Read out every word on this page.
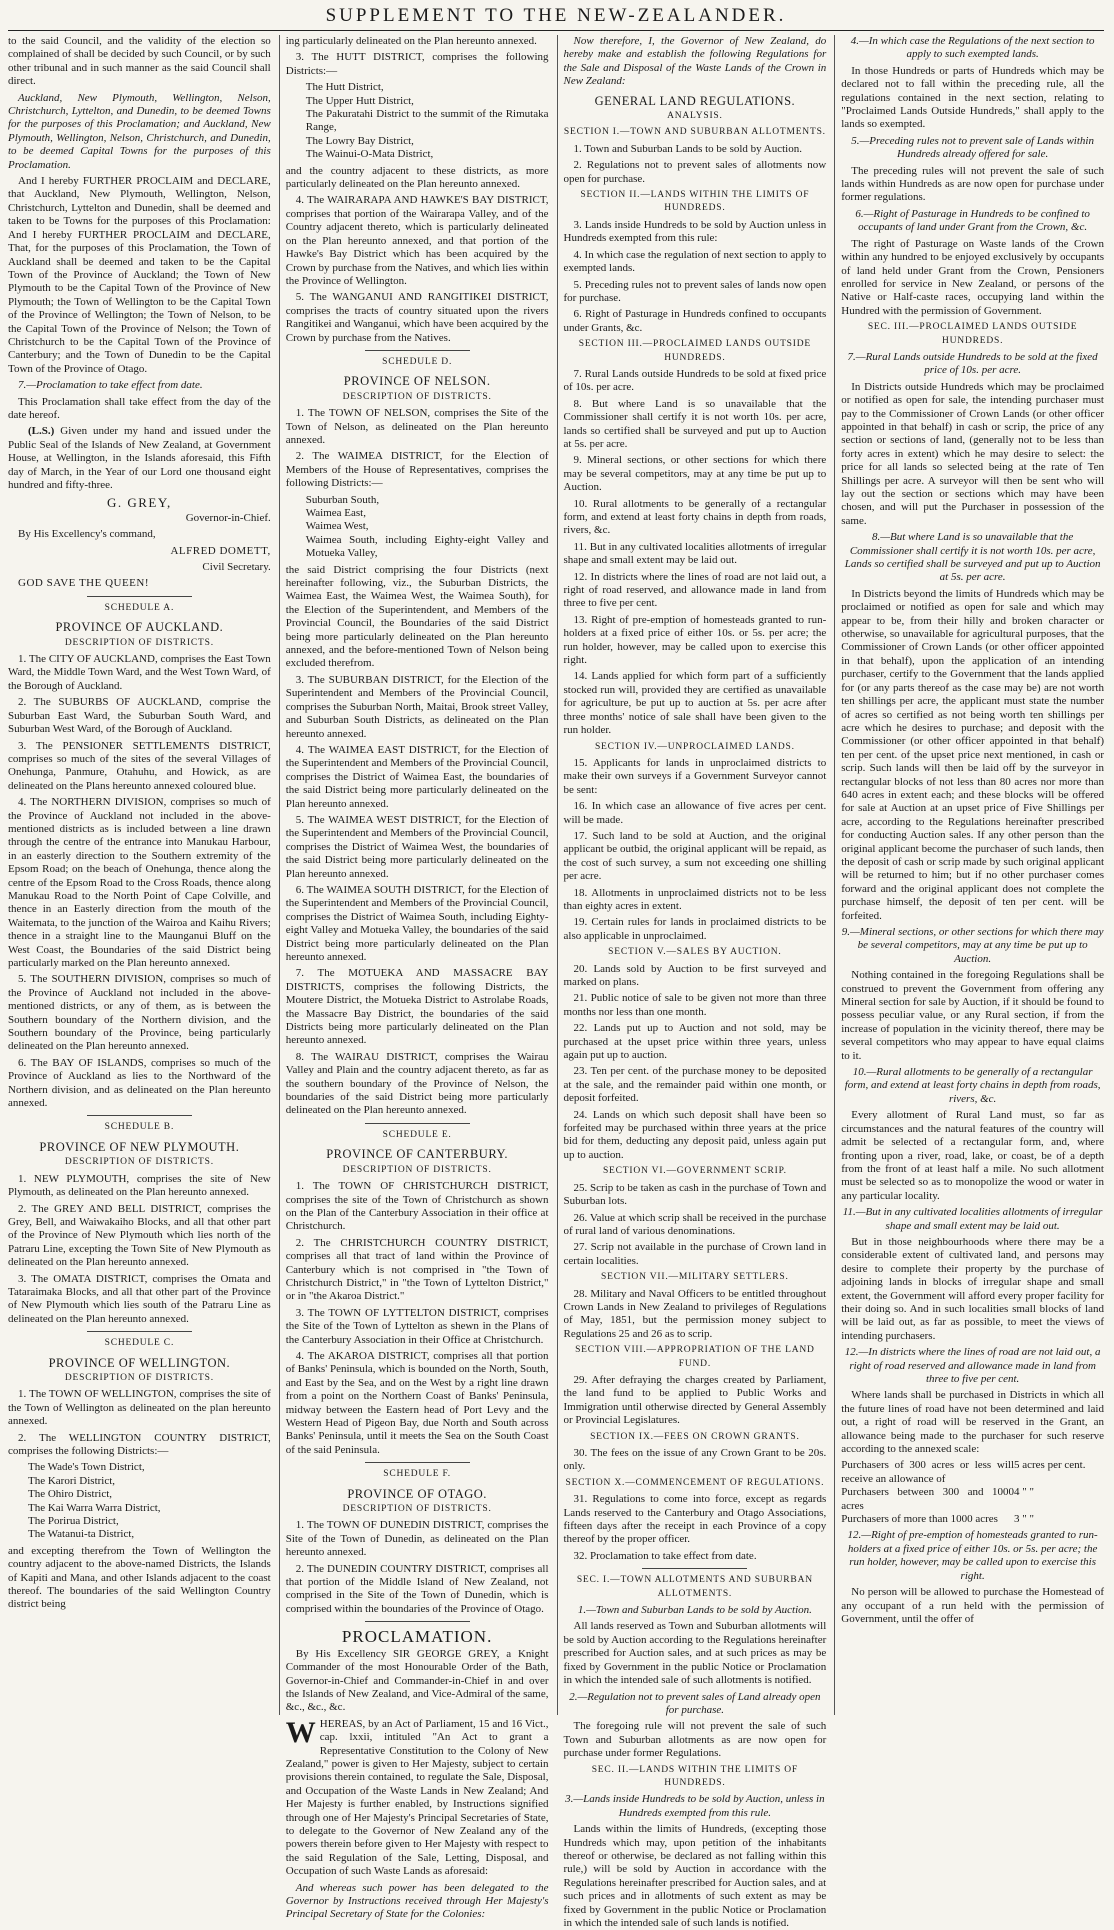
SUPPLEMENT TO THE NEW-ZEALANDER.

to the said Council, and the validity of the election so complained of shall be decided by such Council, or by such other tribunal and in such manner as the said Council shall direct.

Auckland, New Plymouth, Wellington, Nelson, Christchurch, Lyttelton, and Dunedin, to be deemed Towns for the purposes of this Proclamation; and Auckland, New Plymouth, Wellington, Nelson, Christchurch, and Dunedin, to be deemed Capital Towns for the purposes of this Proclamation.

And I hereby FURTHER PROCLAIM and DECLARE, that Auckland, New Plymouth, Wellington, Nelson, Christchurch, Lyttelton and Dunedin, shall be deemed and taken to be Towns for the purposes of this Proclamation: And I hereby FURTHER PROCLAIM and DECLARE, That, for the purposes of this Proclamation, the Town of Auckland shall be deemed and taken to be the Capital Town of the Province of Auckland; the Town of New Plymouth to be the Capital Town of the Province of New Plymouth; the Town of Wellington to be the Capital Town of the Province of Wellington; the Town of Nelson, to be the Capital Town of the Province of Nelson; the Town of Christchurch to be the Capital Town of the Province of Canterbury; and the Town of Dunedin to be the Capital Town of the Province of Otago.

7.—Proclamation to take effect from date.

This Proclamation shall take effect from the day of the date hereof.

(L.S.) Given under my hand and issued under the Public Seal of the Islands of New Zealand, at Government House, at Wellington, in the Islands aforesaid, this Fifth day of March, in the Year of our Lord one thousand eight hundred and fifty-three.

G. GREY,

Governor-in-Chief.

By His Excellency's command,

ALFRED DOMETT,

Civil Secretary.

GOD SAVE THE QUEEN!

SCHEDULE A.
PROVINCE OF AUCKLAND.
DESCRIPTION OF DISTRICTS.

1. The CITY OF AUCKLAND, comprises the East Town Ward, the Middle Town Ward, and the West Town Ward, of the Borough of Auckland.

2. The SUBURBS OF AUCKLAND, comprise the Suburban East Ward, the Suburban South Ward, and Suburban West Ward, of the Borough of Auckland.

3. The PENSIONER SETTLEMENTS DISTRICT, comprises so much of the sites of the several Villages of Onehunga, Panmure, Otahuhu, and Howick, as are delineated on the Plans hereunto annexed coloured blue.

4. The NORTHERN DIVISION, comprises so much of the Province of Auckland not included in the above-mentioned districts as is included between a line drawn through the centre of the entrance into Manukau Harbour, in an easterly direction to the Southern extremity of the Epsom Road; on the beach of Onehunga, thence along the centre of the Epsom Road to the Cross Roads, thence along Manukau Road to the North Point of Cape Colville, and thence in an Easterly direction from the mouth of the Waitemata, to the junction of the Wairoa and Kaihu Rivers; thence in a straight line to the Maunganui Bluff on the West Coast, the Boundaries of the said District being particularly marked on the Plan hereunto annexed.

5. The SOUTHERN DIVISION, comprises so much of the Province of Auckland not included in the above-mentioned districts, or any of them, as is between the Southern boundary of the Northern division, and the Southern boundary of the Province, being particularly delineated on the Plan hereunto annexed.

6. The BAY OF ISLANDS, comprises so much of the Province of Auckland as lies to the Northward of the Northern division, and as delineated on the Plan hereunto annexed.

SCHEDULE B.
PROVINCE OF NEW PLYMOUTH.
DESCRIPTION OF DISTRICTS.

1. NEW PLYMOUTH, comprises the site of New Plymouth, as delineated on the Plan hereunto annexed.

2. The GREY AND BELL DISTRICT, comprises the Grey, Bell, and Waiwakaiho Blocks, and all that other part of the Province of New Plymouth which lies north of the Patraru Line, excepting the Town Site of New Plymouth as delineated on the Plan hereunto annexed.

3. The OMATA DISTRICT, comprises the Omata and Tataraimaka Blocks, and all that other part of the Province of New Plymouth which lies south of the Patraru Line as delineated on the Plan hereunto annexed.

SCHEDULE C.
PROVINCE OF WELLINGTON.
DESCRIPTION OF DISTRICTS.

1. The TOWN OF WELLINGTON, comprises the site of the Town of Wellington as delineated on the plan hereunto annexed.

2. The WELLINGTON COUNTRY DISTRICT, comprises the following Districts:—

The Wade's Town District,
The Karori District,
The Ohiro District,
The Kai Warra Warra District,
The Porirua District,
The Watanui-ta District,

and excepting therefrom the Town of Wellington the country adjacent to the above-named Districts, the Islands of Kapiti and Mana, and other Islands adjacent to the coast thereof. The boundaries of the said Wellington Country district being

ing particularly delineated on the Plan hereunto annexed.

3. The HUTT DISTRICT, comprises the following Districts:—

The Hutt District,
The Upper Hutt District,
The Pakuratahi District to the summit of the Rimutaka Range,
The Lowry Bay District,
The Wainui-O-Mata District,

and the country adjacent to these districts, as more particularly delineated on the Plan hereunto annexed.

4. The WAIRARAPA AND HAWKE'S BAY DISTRICT, comprises that portion of the Wairarapa Valley, and of the Country adjacent thereto, which is particularly delineated on the Plan hereunto annexed, and that portion of the Hawke's Bay District which has been acquired by the Crown by purchase from the Natives, and which lies within the Province of Wellington.

5. The WANGANUI AND RANGITIKEI DISTRICT, comprises the tracts of country situated upon the rivers Rangitikei and Wanganui, which have been acquired by the Crown by purchase from the Natives.

SCHEDULE D.
PROVINCE OF NELSON.
DESCRIPTION OF DISTRICTS.

1. The TOWN OF NELSON, comprises the Site of the Town of Nelson, as delineated on the Plan hereunto annexed.

2. The WAIMEA DISTRICT, for the Election of Members of the House of Representatives, comprises the following Districts:—

Suburban South,
Waimea East,
Waimea West,
Waimea South, including Eighty-eight Valley and Motueka Valley,

the said District comprising the four Districts (next hereinafter following, viz., the Suburban Districts, the Waimea East, the Waimea West, the Waimea South), for the Election of the Superintendent, and Members of the Provincial Council, the Boundaries of the said District being more particularly delineated on the Plan hereunto annexed, and the before-mentioned Town of Nelson being excluded therefrom.

3. The SUBURBAN DISTRICT, for the Election of the Superintendent and Members of the Provincial Council, comprises the Suburban North, Maitai, Brook street Valley, and Suburban South Districts, as delineated on the Plan hereunto annexed.

4. The WAIMEA EAST DISTRICT, for the Election of the Superintendent and Members of the Provincial Council, comprises the District of Waimea East, the boundaries of the said District being more particularly delineated on the Plan hereunto annexed.

5. The WAIMEA WEST DISTRICT, for the Election of the Superintendent and Members of the Provincial Council, comprises the District of Waimea West, the boundaries of the said District being more particularly delineated on the Plan hereunto annexed.

6. The WAIMEA SOUTH DISTRICT, for the Election of the Superintendent and Members of the Provincial Council, comprises the District of Waimea South, including Eighty-eight Valley and Motueka Valley, the boundaries of the said District being more particularly delineated on the Plan hereunto annexed.

7. The MOTUEKA AND MASSACRE BAY DISTRICTS, comprises the following Districts, the Moutere District, the Motueka District to Astrolabe Roads, the Massacre Bay District, the boundaries of the said Districts being more particularly delineated on the Plan hereunto annexed.

8. The WAIRAU DISTRICT, comprises the Wairau Valley and Plain and the country adjacent thereto, as far as the southern boundary of the Province of Nelson, the boundaries of the said District being more particularly delineated on the Plan hereunto annexed.

SCHEDULE E.
PROVINCE OF CANTERBURY.
DESCRIPTION OF DISTRICTS.

1. The TOWN OF CHRISTCHURCH DISTRICT, comprises the site of the Town of Christchurch as shown on the Plan of the Canterbury Association in their office at Christchurch.

2. The CHRISTCHURCH COUNTRY DISTRICT, comprises all that tract of land within the Province of Canterbury which is not comprised in "the Town of Christchurch District," in "the Town of Lyttelton District," or in "the Akaroa District."

3. The TOWN OF LYTTELTON DISTRICT, comprises the Site of the Town of Lyttelton as shewn in the Plans of the Canterbury Association in their Office at Christchurch.

4. The AKAROA DISTRICT, comprises all that portion of Banks' Peninsula, which is bounded on the North, South, and East by the Sea, and on the West by a right line drawn from a point on the Northern Coast of Banks' Peninsula, midway between the Eastern head of Port Levy and the Western Head of Pigeon Bay, due North and South across Banks' Peninsula, until it meets the Sea on the South Coast of the said Peninsula.

SCHEDULE F.
PROVINCE OF OTAGO.
DESCRIPTION OF DISTRICTS.

1. The TOWN OF DUNEDIN DISTRICT, comprises the Site of the Town of Dunedin, as delineated on the Plan hereunto annexed.

2. The DUNEDIN COUNTRY DISTRICT, comprises all that portion of the Middle Island of New Zealand, not comprised in the Site of the Town of Dunedin, which is comprised within the boundaries of the Province of Otago.

PROCLAMATION.

By His Excellency SIR GEORGE GREY, a Knight Commander of the most Honourable Order of the Bath, Governor-in-Chief and Commander-in-Chief in and over the Islands of New Zealand, and Vice-Admiral of the same, &c., &c., &c.

WHEREAS, by an Act of Parliament, 15 and 16 Vict., cap. lxxii, intituled "An Act to grant a Representative Constitution to the Colony of New Zealand," power is given to Her Majesty, subject to certain provisions therein contained, to regulate the Sale, Disposal, and Occupation of the Waste Lands in New Zealand; And Her Majesty is further enabled, by Instructions signified through one of Her Majesty's Principal Secretaries of State, to delegate to the Governor of New Zealand any of the powers therein before given to Her Majesty with respect to the said Regulation of the Sale, Letting, Disposal, and Occupation of such Waste Lands as aforesaid:

And whereas such power has been delegated to the Governor by Instructions received through Her Majesty's Principal Secretary of State for the Colonies:

Now therefore, I, the Governor of New Zealand, do hereby make and establish the following Regulations for the Sale and Disposal of the Waste Lands of the Crown in New Zealand:

GENERAL LAND REGULATIONS.
ANALYSIS.
SECTION I.—TOWN AND SUBURBAN ALLOTMENTS.

1. Town and Suburban Lands to be sold by Auction.

2. Regulations not to prevent sales of allotments now open for purchase.

SECTION II.—LANDS WITHIN THE LIMITS OF HUNDREDS.

3. Lands inside Hundreds to be sold by Auction unless in Hundreds exempted from this rule:

4. In which case the regulation of next section to apply to exempted lands.

5. Preceding rules not to prevent sales of lands now open for purchase.

6. Right of Pasturage in Hundreds confined to occupants under Grants, &c.

SECTION III.—PROCLAIMED LANDS OUTSIDE HUNDREDS.

7. Rural Lands outside Hundreds to be sold at fixed price of 10s. per acre.

8. But where Land is so unavailable that the Commissioner shall certify it is not worth 10s. per acre, lands so certified shall be surveyed and put up to Auction at 5s. per acre.

9. Mineral sections, or other sections for which there may be several competitors, may at any time be put up to Auction.

10. Rural allotments to be generally of a rectangular form, and extend at least forty chains in depth from roads, rivers, &c.

11. But in any cultivated localities allotments of irregular shape and small extent may be laid out.

12. In districts where the lines of road are not laid out, a right of road reserved, and allowance made in land from three to five per cent.

13. Right of pre-emption of homesteads granted to run-holders at a fixed price of either 10s. or 5s. per acre; the run holder, however, may be called upon to exercise this right.

14. Lands applied for which form part of a sufficiently stocked run will, provided they are certified as unavailable for agriculture, be put up to auction at 5s. per acre after three months' notice of sale shall have been given to the run holder.

SECTION IV.—UNPROCLAIMED LANDS.

15. Applicants for lands in unproclaimed districts to make their own surveys if a Government Surveyor cannot be sent:

16. In which case an allowance of five acres per cent. will be made.

17. Such land to be sold at Auction, and the original applicant be outbid, the original applicant will be repaid, as the cost of such survey, a sum not exceeding one shilling per acre.

18. Allotments in unproclaimed districts not to be less than eighty acres in extent.

19. Certain rules for lands in proclaimed districts to be also applicable in unproclaimed.

SECTION V.—SALES BY AUCTION.

20. Lands sold by Auction to be first surveyed and marked on plans.

21. Public notice of sale to be given not more than three months nor less than one month.

22. Lands put up to Auction and not sold, may be purchased at the upset price within three years, unless again put up to auction.

23. Ten per cent. of the purchase money to be deposited at the sale, and the remainder paid within one month, or deposit forfeited.

24. Lands on which such deposit shall have been so forfeited may be purchased within three years at the price bid for them, deducting any deposit paid, unless again put up to auction.

SECTION VI.—GOVERNMENT SCRIP.

25. Scrip to be taken as cash in the purchase of Town and Suburban lots.

26. Value at which scrip shall be received in the purchase of rural land of various denominations.

27. Scrip not available in the purchase of Crown land in certain localities.

SECTION VII.—MILITARY SETTLERS.

28. Military and Naval Officers to be entitled throughout Crown Lands in New Zealand to privileges of Regulations of May, 1851, but the permission money subject to Regulations 25 and 26 as to scrip.

SECTION VIII.—APPROPRIATION OF THE LAND FUND.

29. After defraying the charges created by Parliament, the land fund to be applied to Public Works and Immigration until otherwise directed by General Assembly or Provincial Legislatures.

SECTION IX.—FEES ON CROWN GRANTS.

30. The fees on the issue of any Crown Grant to be 20s. only.

SECTION X.—COMMENCEMENT OF REGULATIONS.

31. Regulations to come into force, except as regards Lands reserved to the Canterbury and Otago Associations, fifteen days after the receipt in each Province of a copy thereof by the proper officer.

32. Proclamation to take effect from date.

SEC. I.—TOWN ALLOTMENTS AND SUBURBAN ALLOTMENTS.

1.—Town and Suburban Lands to be sold by Auction.

All lands reserved as Town and Suburban allotments will be sold by Auction according to the Regulations hereinafter prescribed for Auction sales, and at such prices as may be fixed by Government in the public Notice or Proclamation in which the intended sale of such allotments is notified.

2.—Regulation not to prevent sales of Land already open for purchase.

The foregoing rule will not prevent the sale of such Town and Suburban allotments as are now open for purchase under former Regulations.

SEC. II.—LANDS WITHIN THE LIMITS OF HUNDREDS.

3.—Lands inside Hundreds to be sold by Auction, unless in Hundreds exempted from this rule.

Lands within the limits of Hundreds, (excepting those Hundreds which may, upon petition of the inhabitants thereof or otherwise, be declared as not falling within this rule,) will be sold by Auction in accordance with the Regulations hereinafter prescribed for Auction sales, and at such prices and in allotments of such extent as may be fixed by Government in the public Notice or Proclamation in which the intended sale of such lands is notified.

4.—In which case the Regulations of the next section to apply to such exempted lands.

In those Hundreds or parts of Hundreds which may be declared not to fall within the preceding rule, all the regulations contained in the next section, relating to "Proclaimed Lands Outside Hundreds," shall apply to the lands so exempted.

5.—Preceding rules not to prevent sale of Lands within Hundreds already offered for sale.

The preceding rules will not prevent the sale of such lands within Hundreds as are now open for purchase under former regulations.

6.—Right of Pasturage in Hundreds to be confined to occupants of land under Grant from the Crown, &c.

The right of Pasturage on Waste lands of the Crown within any hundred to be enjoyed exclusively by occupants of land held under Grant from the Crown, Pensioners enrolled for service in New Zealand, or persons of the Native or Half-caste races, occupying land within the Hundred with the permission of Government.

SEC. III.—PROCLAIMED LANDS OUTSIDE HUNDREDS.

7.—Rural Lands outside Hundreds to be sold at the fixed price of 10s. per acre.

In Districts outside Hundreds which may be proclaimed or notified as open for sale, the intending purchaser must pay to the Commissioner of Crown Lands (or other officer appointed in that behalf) in cash or scrip, the price of any section or sections of land, (generally not to be less than forty acres in extent) which he may desire to select: the price for all lands so selected being at the rate of Ten Shillings per acre. A surveyor will then be sent who will lay out the section or sections which may have been chosen, and will put the Purchaser in possession of the same.

8.—But where Land is so unavailable that the Commissioner shall certify it is not worth 10s. per acre, Lands so certified shall be surveyed and put up to Auction at 5s. per acre.

In Districts beyond the limits of Hundreds which may be proclaimed or notified as open for sale and which may appear to be, from their hilly and broken character or otherwise, so unavailable for agricultural purposes, that the Commissioner of Crown Lands (or other officer appointed in that behalf), upon the application of an intending purchaser, certify to the Government that the lands applied for (or any parts thereof as the case may be) are not worth ten shillings per acre, the applicant must state the number of acres so certified as not being worth ten shillings per acre which he desires to purchase; and deposit with the Commissioner (or other officer appointed in that behalf) ten per cent. of the upset price next mentioned, in cash or scrip. Such lands will then be laid off by the surveyor in rectangular blocks of not less than 80 acres nor more than 640 acres in extent each; and these blocks will be offered for sale at Auction at an upset price of Five Shillings per acre, according to the Regulations hereinafter prescribed for conducting Auction sales. If any other person than the original applicant become the purchaser of such lands, then the deposit of cash or scrip made by such original applicant will be returned to him; but if no other purchaser comes forward and the original applicant does not complete the purchase himself, the deposit of ten per cent. will be forfeited.

9.—Mineral sections, or other sections for which there may be several competitors, may at any time be put up to Auction.

Nothing contained in the foregoing Regulations shall be construed to prevent the Government from offering any Mineral section for sale by Auction, if it should be found to possess peculiar value, or any Rural section, if from the increase of population in the vicinity thereof, there may be several competitors who may appear to have equal claims to it.

10.—Rural allotments to be generally of a rectangular form, and extend at least forty chains in depth from roads, rivers, &c.

Every allotment of Rural Land must, so far as circumstances and the natural features of the country will admit be selected of a rectangular form, and, where fronting upon a river, road, lake, or coast, be of a depth from the front of at least half a mile. No such allotment must be selected so as to monopolize the wood or water in any particular locality.

11.—But in any cultivated localities allotments of irregular shape and small extent may be laid out.

But in those neighbourhoods where there may be a considerable extent of cultivated land, and persons may desire to complete their property by the purchase of adjoining lands in blocks of irregular shape and small extent, the Government will afford every proper facility for their doing so. And in such localities small blocks of land will be laid out, as far as possible, to meet the views of intending purchasers.

12.—In districts where the lines of road are not laid out, a right of road reserved and allowance made in land from three to five per cent.

Where lands shall be purchased in Districts in which all the future lines of road have not been determined and laid out, a right of road will be reserved in the Grant, an allowance being made to the purchaser for such reserve according to the annexed scale:

Purchasers of 300 acres or less will receive an allowance of
5 acres per cent.
Purchasers between 300 and 1000 acres
4 " "
Purchasers of more than 1000 acres	3 " "

12.—Right of pre-emption of homesteads granted to run-holders at a fixed price of either 10s. or 5s. per acre; the run holder, however, may be called upon to exercise this right.

No person will be allowed to purchase the Homestead of any occupant of a run held with the permission of Government, until the offer of
